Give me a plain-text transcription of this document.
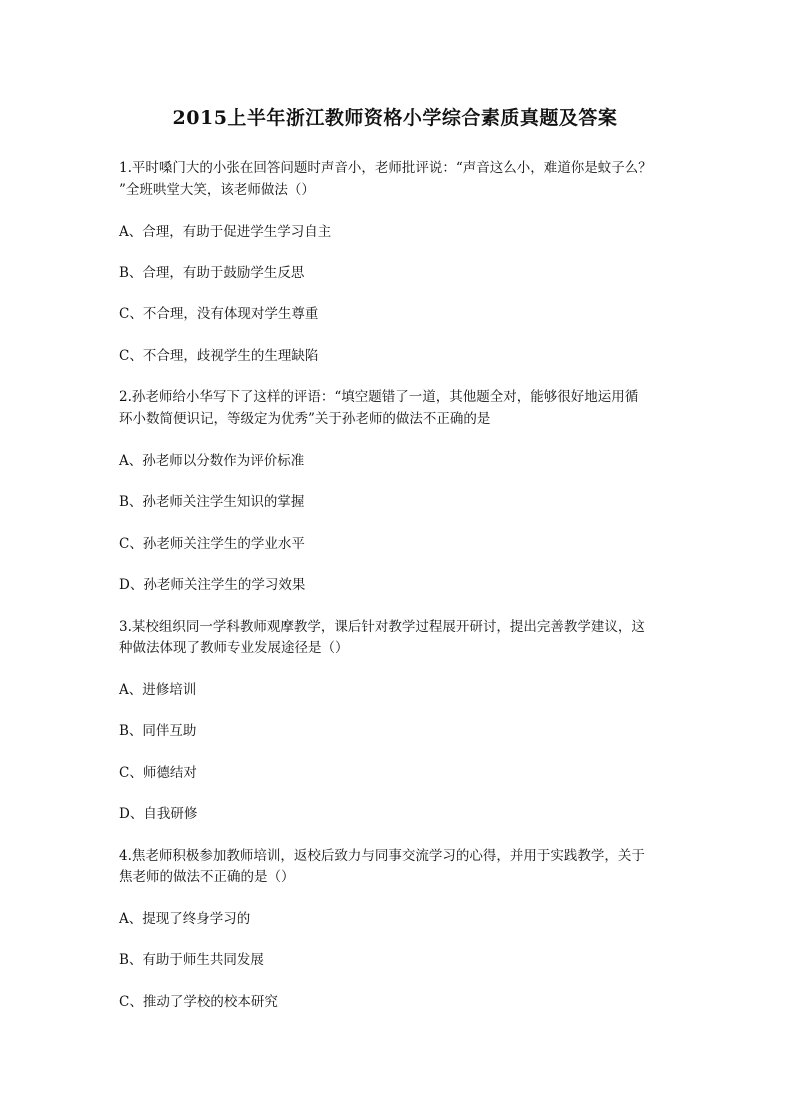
2015上半年浙江教师资格小学综合素质真题及答案

1.平时嗓门大的小张在回答问题时声音小，老师批评说：“声音这么小，难道你是蚊子么？

”全班哄堂大笑，该老师做法（）

A、合理，有助于促进学生学习自主

B、合理，有助于鼓励学生反思

C、不合理，没有体现对学生尊重

C、不合理，歧视学生的生理缺陷

2.孙老师给小华写下了这样的评语：“填空题错了一道，其他题全对，能够很好地运用循

环小数简便识记，等级定为优秀”关于孙老师的做法不正确的是

A、孙老师以分数作为评价标准

B、孙老师关注学生知识的掌握

C、孙老师关注学生的学业水平

D、孙老师关注学生的学习效果

3.某校组织同一学科教师观摩教学，课后针对教学过程展开研讨，提出完善教学建议，这

种做法体现了教师专业发展途径是（）

A、进修培训

B、同伴互助

C、师德结对

D、自我研修

4.焦老师积极参加教师培训，返校后致力与同事交流学习的心得，并用于实践教学，关于

焦老师的做法不正确的是（）

A、提现了终身学习的

B、有助于师生共同发展

C、推动了学校的校本研究
